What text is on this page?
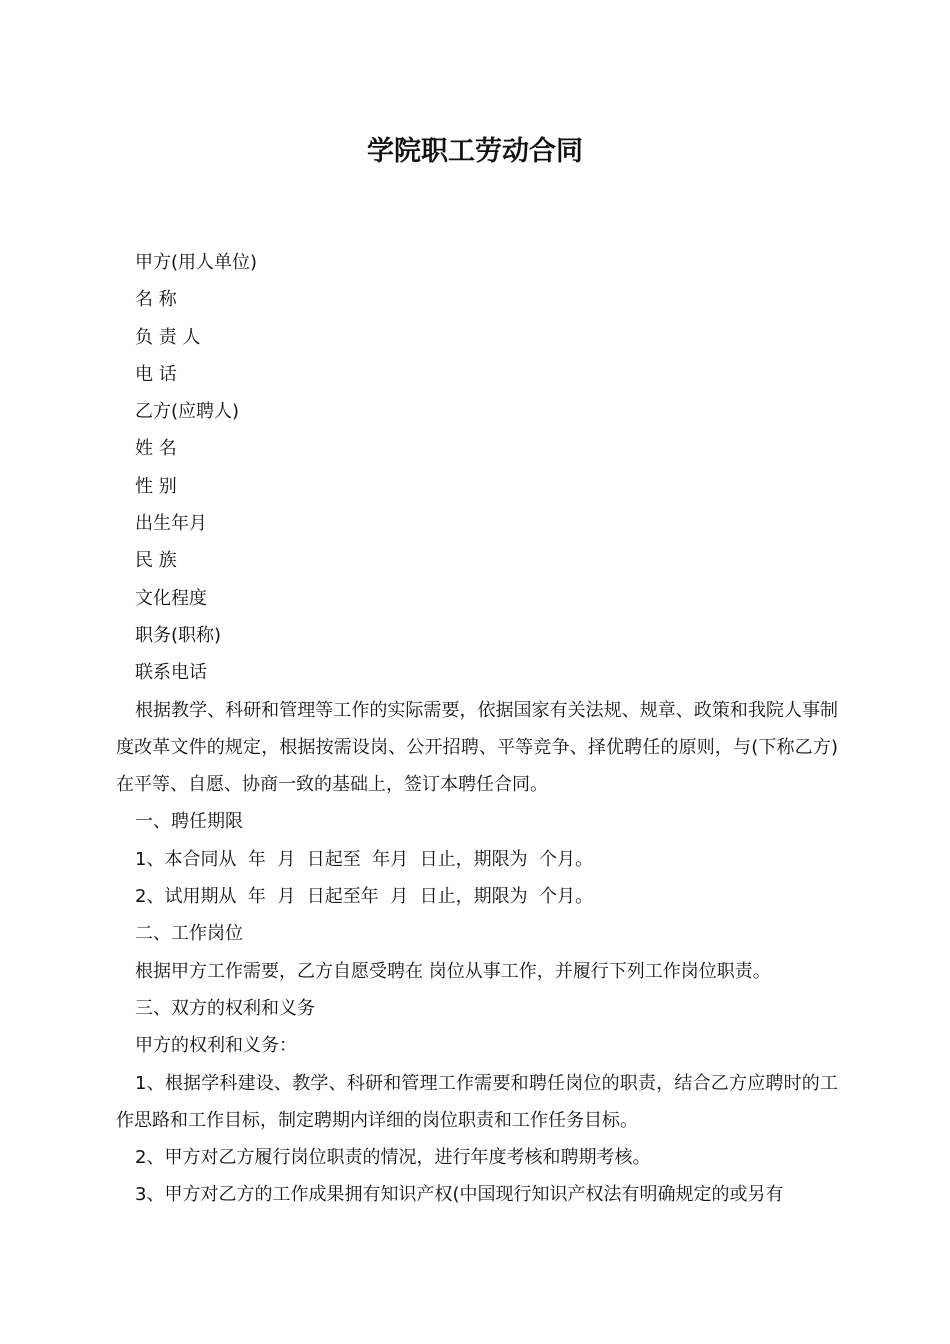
学院职工劳动合同

甲方(用人单位)

名 称

负 责 人

电 话

乙方(应聘人)

姓 名

性 别

出生年月

民 族

文化程度

职务(职称)

联系电话

根据教学、科研和管理等工作的实际需要，依据国家有关法规、规章、政策和我院人事制度改革文件的规定，根据按需设岗、公开招聘、平等竞争、择优聘任的原则，与(下称乙方)在平等、自愿、协商一致的基础上，签订本聘任合同。

一、聘任期限

1、本合同从  年  月  日起至  年月  日止，期限为  个月。

2、试用期从  年  月  日起至年  月  日止，期限为  个月。

二、工作岗位

根据甲方工作需要，乙方自愿受聘在 岗位从事工作，并履行下列工作岗位职责。

三、双方的权利和义务

甲方的权利和义务：

1、根据学科建设、教学、科研和管理工作需要和聘任岗位的职责，结合乙方应聘时的工作思路和工作目标，制定聘期内详细的岗位职责和工作任务目标。

2、甲方对乙方履行岗位职责的情况，进行年度考核和聘期考核。

3、甲方对乙方的工作成果拥有知识产权(中国现行知识产权法有明确规定的或另有
